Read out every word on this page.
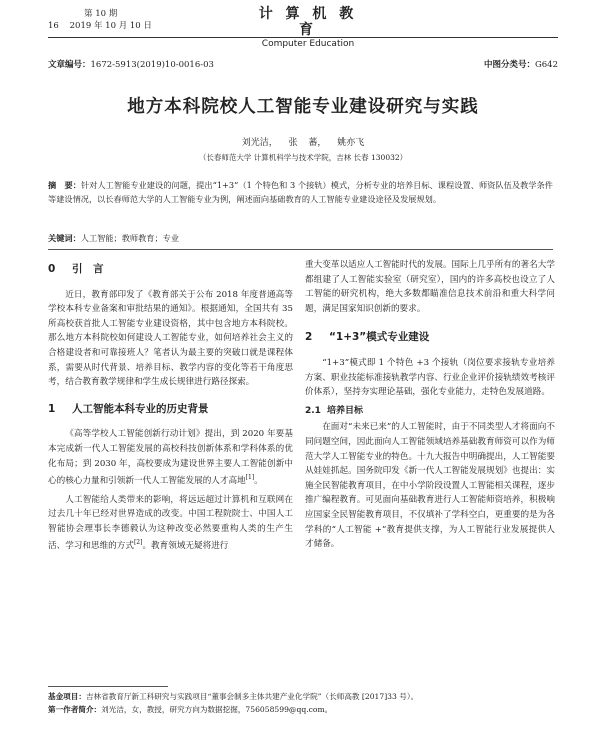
第 10 期
16 2019 年 10 月 10 日
计 算 机 教 育
Computer Education
文章编号：1672-5913(2019)10-0016-03	中图分类号：G642
地方本科院校人工智能专业建设研究与实践
刘光洁， 张 蕃， 姚亦飞
（长春师范大学 计算机科学与技术学院，吉林 长春 130032）
摘　要：针对人工智能专业建设的问题，提出“1+3”（1 个特色和 3 个接轨）模式，分析专业的培养目标、课程设置、师资队伍及教学条件等建设情况，以长春师范大学的人工智能专业为例，阐述面向基础教育的人工智能专业建设途径及发展规划。
关键词：人工智能；教师教育；专业
0 引　言

近日，教育部印发了《教育部关于公布 2018 年度普通高等学校本科专业备案和审批结果的通知》。根据通知，全国共有 35 所高校获首批人工智能专业建设资格，其中包含地方本科院校。那么地方本科院校如何建设人工智能专业，如何培养社会主义的合格建设者和可靠接班人？笔者认为最主要的突破口就是课程体系，需要从时代背景、培养目标、教学内容的变化等若干角度思考，结合教育教学规律和学生成长规律进行路径探索。

1 人工智能本科专业的历史背景

《高等学校人工智能创新行动计划》提出，到 2020 年要基本完成新一代人工智能发展的高校科技创新体系和学科体系的优化布局；到 2030 年，高校要成为建设世界主要人工智能创新中心的核心力量和引领新一代人工智能发展的人才高地[1]。

人工智能给人类带来的影响，将远远超过计算机和互联网在过去几十年已经对世界造成的改变。中国工程院院士、中国人工智能协会理事长李德毅认为这种改变必然要重构人类的生产生活、学习和思维的方式[2]。教育领域无疑将进行

重大变革以适应人工智能时代的发展。国际上几乎所有的著名大学都组建了人工智能实验室（研究室），国内的许多高校也设立了人工智能的研究机构，绝大多数都瞄准信息技术前沿和重大科学问题，满足国家知识创新的要求。

2 “1+3”模式专业建设

“1+3”模式即 1 个特色 +3 个接轨（岗位要求接轨专业培养方案、职业技能标准接轨教学内容、行业企业评价接轨绩效考核评价体系），坚持夯实理论基础，强化专业能力，走特色发展道路。

2.1 培养目标

在面对“未来已来”的人工智能时，由于不同类型人才将面向不同问题空间，因此面向人工智能领域培养基础教育师资可以作为师范大学人工智能专业的特色。十九大报告中明确提出，人工智能要从娃娃抓起。国务院印发《新一代人工智能发展规划》也提出：实施全民智能教育项目，在中小学阶段设置人工智能相关课程，逐步推广编程教育。可见面向基础教育进行人工智能师资培养，积极响应国家全民智能教育项目，不仅填补了学科空白，更重要的是为各学科的“人工智能 +”教育提供支撑，为人工智能行业发展提供人才储备。

基金项目：吉林省教育厅新工科研究与实践项目“董事会制多主体共建产业化学院”（长师高教 [2017]33 号）。
第一作者简介：刘光洁，女，教授，研究方向为数据挖掘，756058599@qq.com。
